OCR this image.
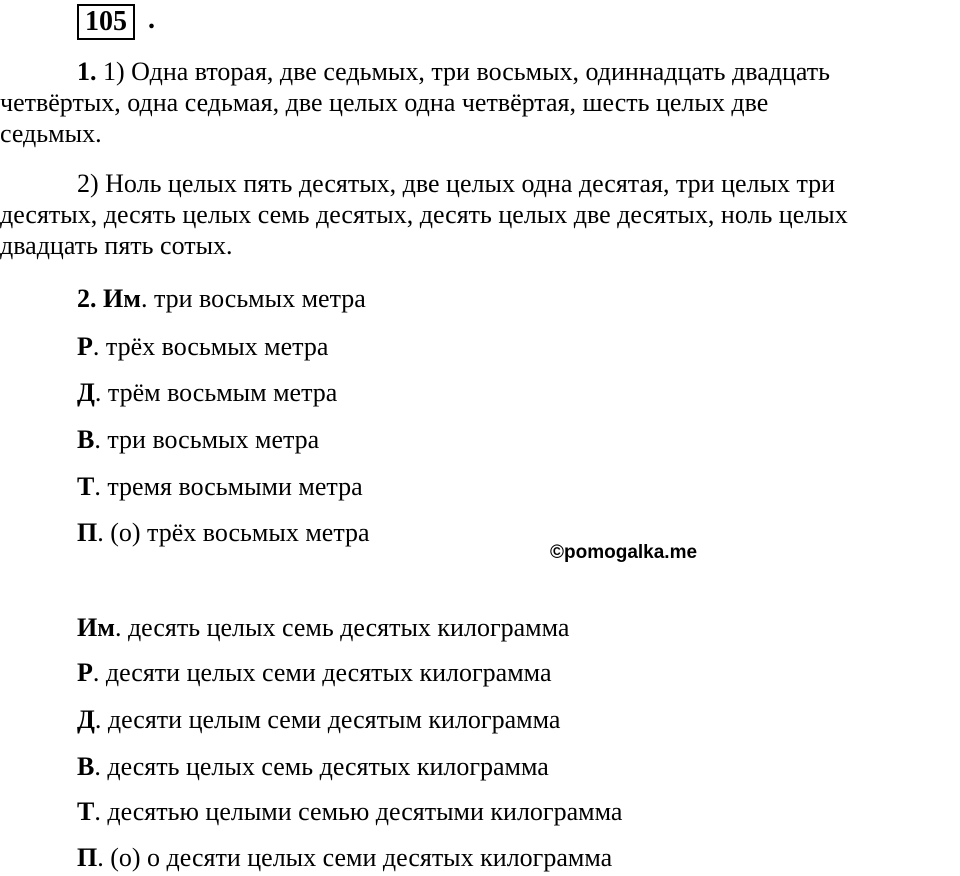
105 .

1. 1) Одна вторая, две седьмых, три восьмых, одиннадцать двадцать
четвёртых, одна седьмая, две целых одна четвёртая, шесть целых две
седьмых.

2) Ноль целых пять десятых, две целых одна десятая, три целых три
десятых, десять целых семь десятых, десять целых две десятых, ноль целых
двадцать пять сотых.

2. Им. три восьмых метра
Р. трёх восьмых метра
Д. трём восьмым метра
В. три восьмых метра
Т. тремя восьмыми метра
П. (о) трёх восьмых метра
©pomogalka.me
Им. десять целых семь десятых килограмма
Р. десяти целых семи десятых килограмма
Д. десяти целым семи десятым килограмма
В. десять целых семь десятых килограмма
Т. десятью целыми семью десятыми килограмма
П. (о) о десяти целых семи десятых килограмма
